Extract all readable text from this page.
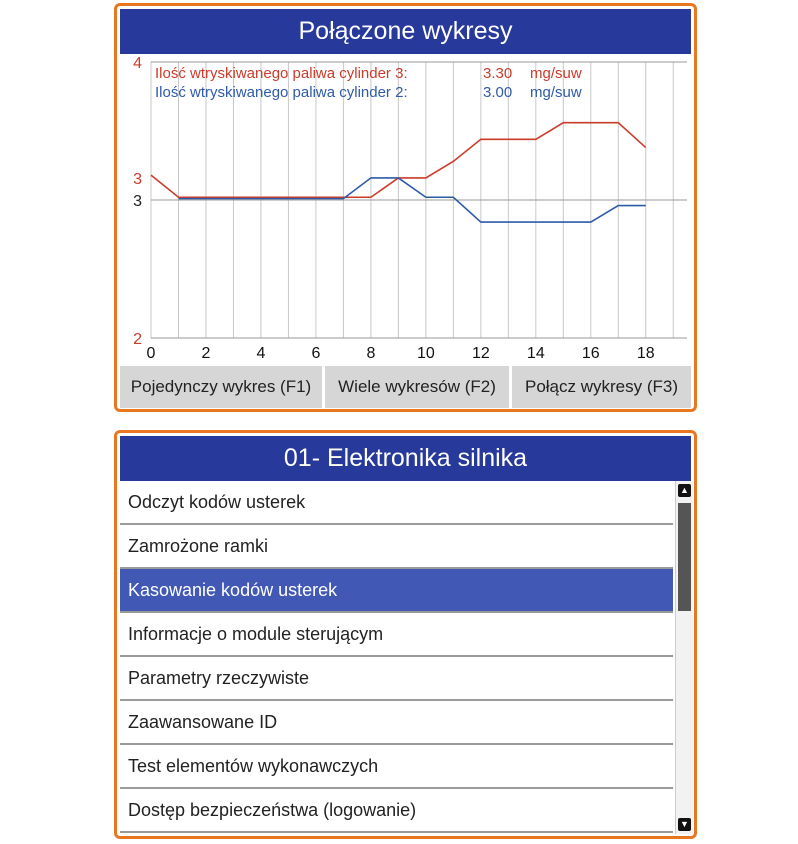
Połączone wykresy
2
3
4
3
0	2	4	6	8	10 12 14 16 18
Ilość wtryskiwanego paliwa cylinder 3:	3.30 mg/suw
Ilość wtryskiwanego paliwa cylinder 2:	3.00 mg/suw
Pojedynczy wykres (F1)	Wiele wykresów (F2)	Połącz wykresy (F3)
01- Elektronika silnika
Odczyt kodów usterek
Zamrożone ramki
Kasowanie kodów usterek
Informacje o module sterującym
Parametry rzeczywiste
Zaawansowane ID
Test elementów wykonawczych
Dostęp bezpieczeństwa (logowanie)
▲
▼
